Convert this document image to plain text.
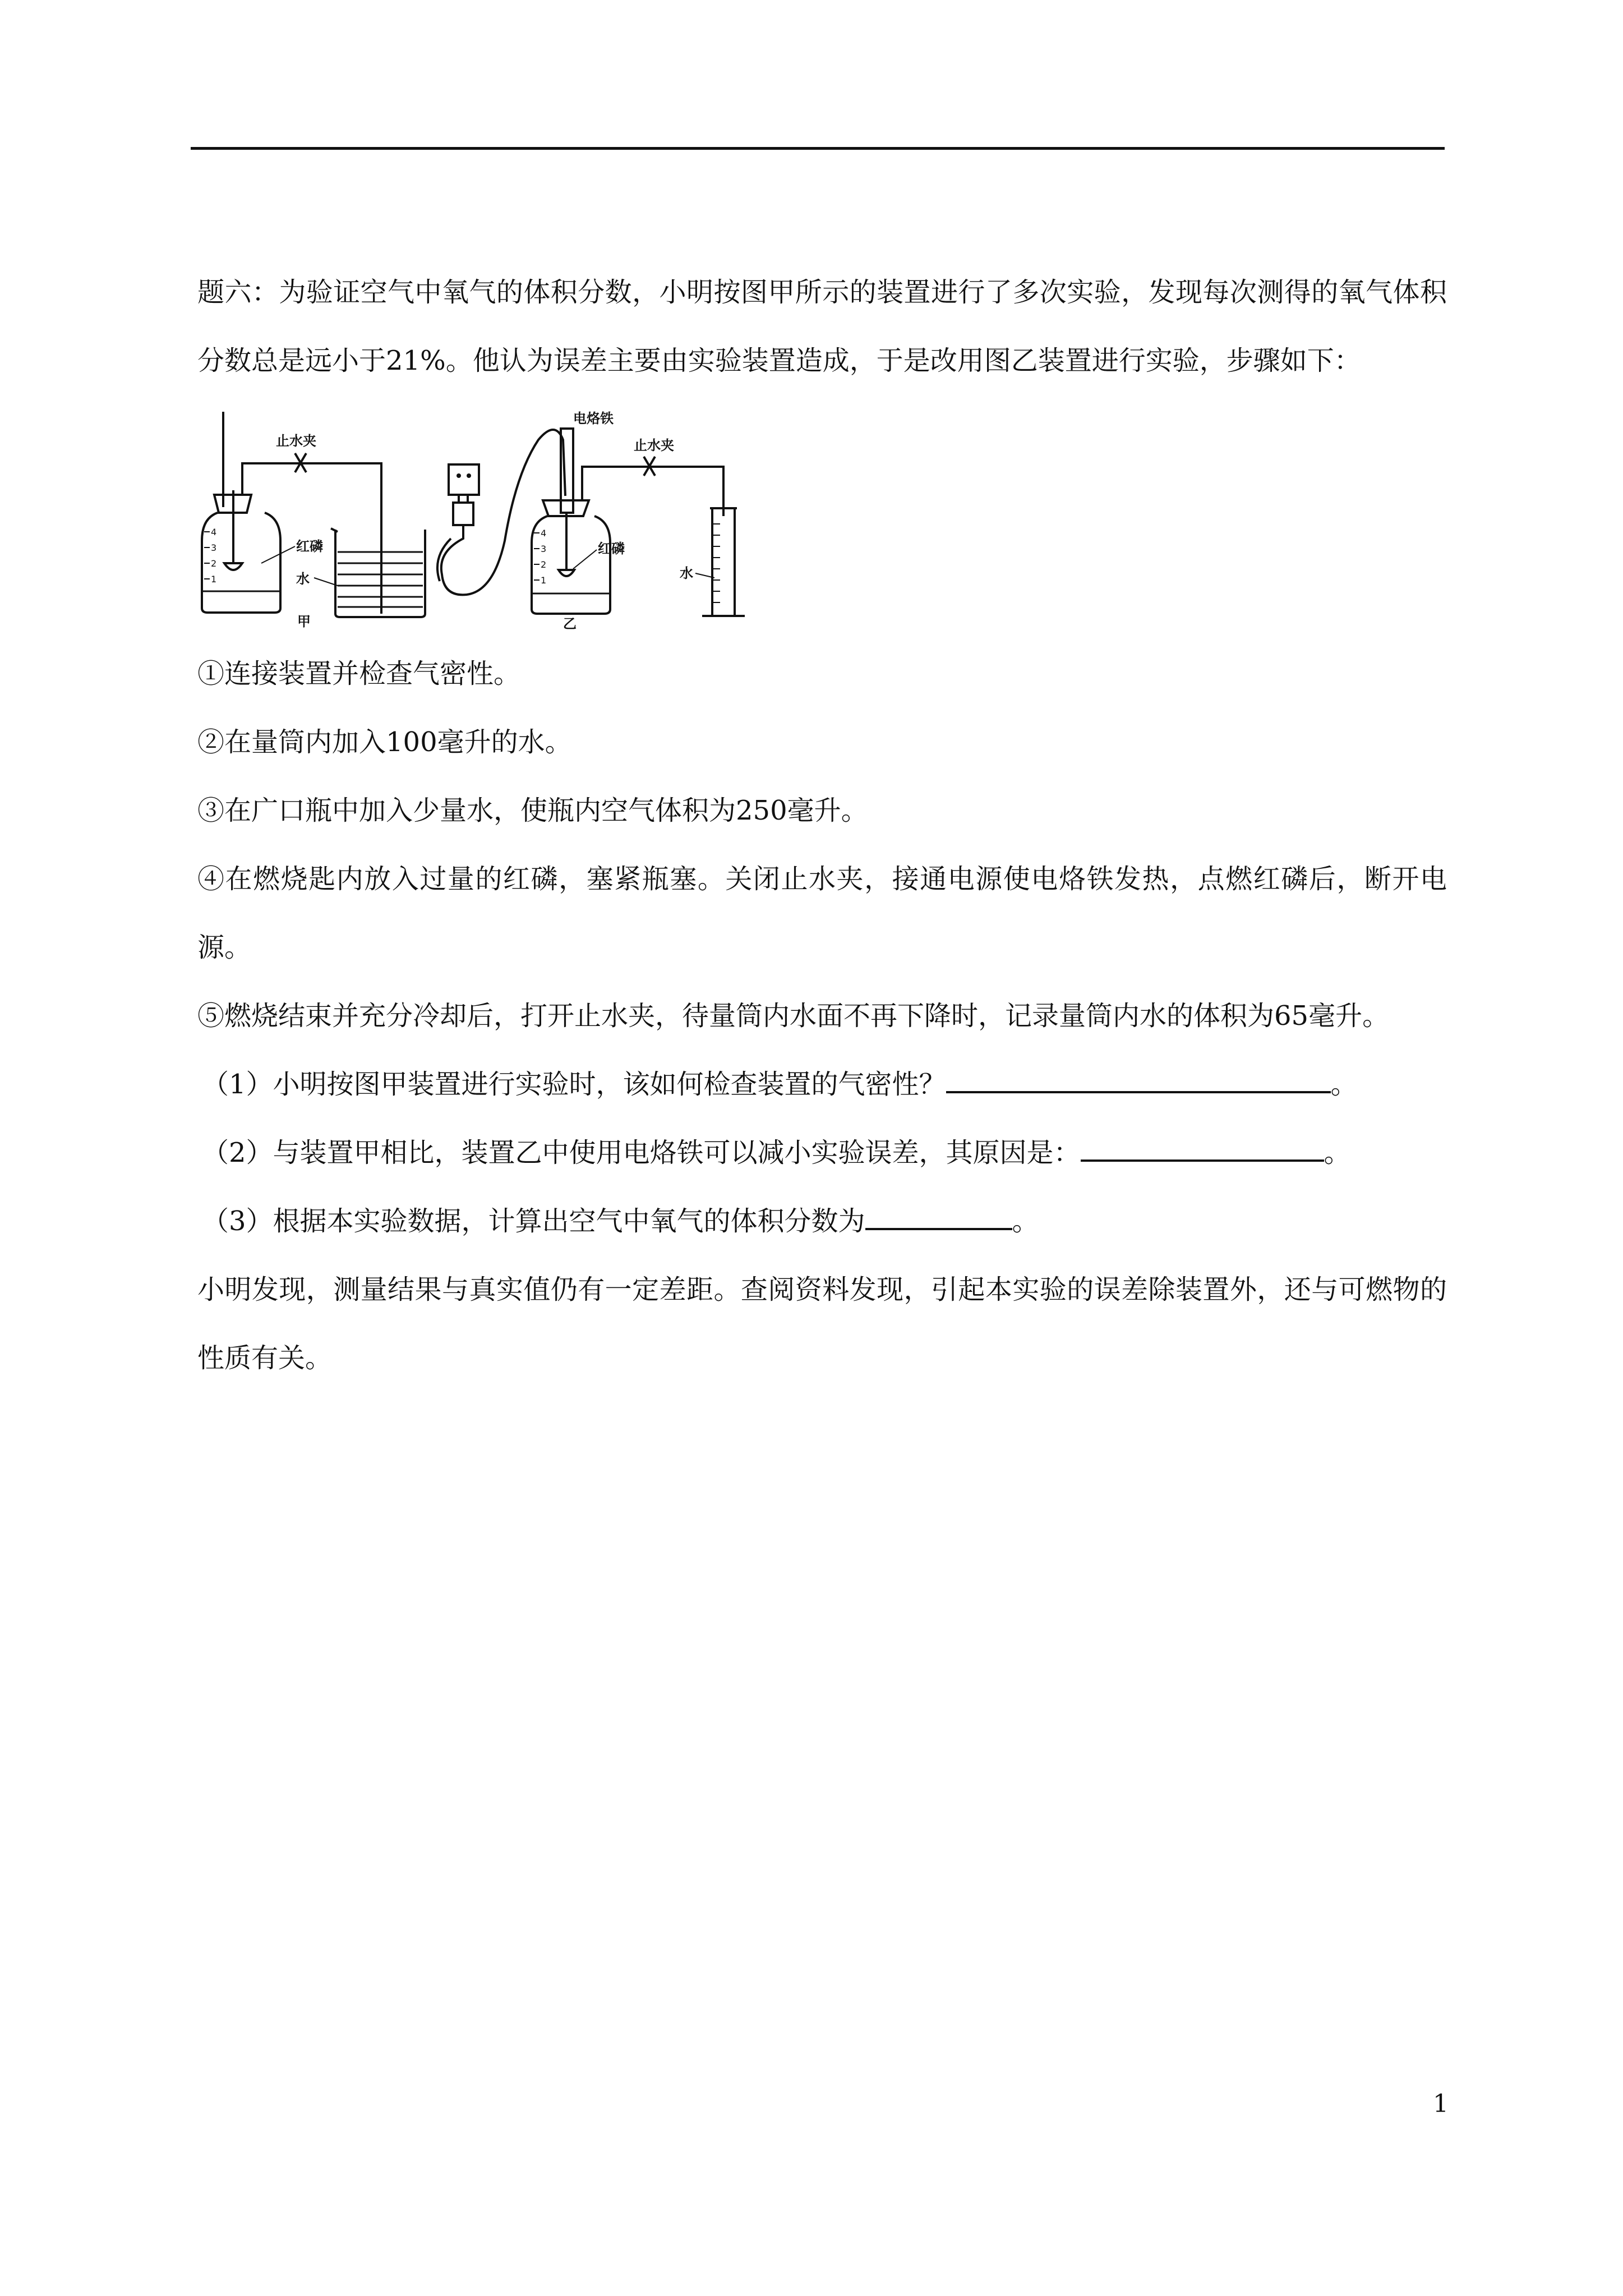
题六：为验证空气中氧气的体积分数，小明按图甲所示的装置进行了多次实验，发现每次测得的氧气体积分数总是远小于21%。他认为误差主要由实验装置造成，于是改用图乙装置进行实验，步骤如下：

4
3
2
1
止水夹
红磷
水
甲
4
3
2
1
电烙铁
止水夹
红磷
水
乙

①连接装置并检查气密性。

②在量筒内加入100毫升的水。

③在广口瓶中加入少量水，使瓶内空气体积为250毫升。

④在燃烧匙内放入过量的红磷，塞紧瓶塞。关闭止水夹，接通电源使电烙铁发热，点燃红磷后，断开电源。

⑤燃烧结束并充分冷却后，打开止水夹，待量筒内水面不再下降时，记录量筒内水的体积为65毫升。

（1）小明按图甲装置进行实验时，该如何检查装置的气密性？	。

（2）与装置甲相比，装置乙中使用电烙铁可以减小实验误差，其原因是：	。

（3）根据本实验数据，计算出空气中氧气的体积分数为	。

小明发现，测量结果与真实值仍有一定差距。查阅资料发现，引起本实验的误差除装置外，还与可燃物的性质有关。

1
